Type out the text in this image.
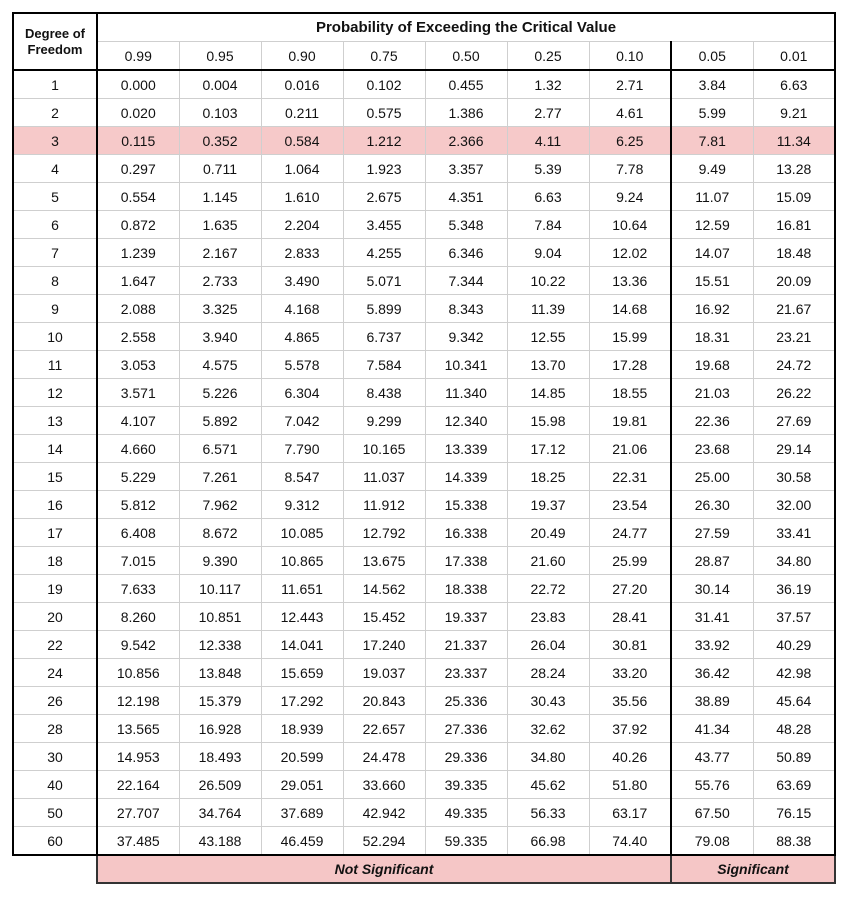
Degree of
Freedom	Probability of Exceeding the Critical Value								
	0.99	0.95	0.90	0.75	0.50	0.25	0.10	0.05	0.01
1	0.000	0.004	0.016	0.102	0.455	1.32	2.71	3.84	6.63
2	0.020	0.103	0.211	0.575	1.386	2.77	4.61	5.99	9.21
3	0.115	0.352	0.584	1.212	2.366	4.11	6.25	7.81	11.34
4	0.297	0.711	1.064	1.923	3.357	5.39	7.78	9.49	13.28
5	0.554	1.145	1.610	2.675	4.351	6.63	9.24	11.07	15.09
6	0.872	1.635	2.204	3.455	5.348	7.84	10.64	12.59	16.81
7	1.239	2.167	2.833	4.255	6.346	9.04	12.02	14.07	18.48
8	1.647	2.733	3.490	5.071	7.344	10.22	13.36	15.51	20.09
9	2.088	3.325	4.168	5.899	8.343	11.39	14.68	16.92	21.67
10	2.558	3.940	4.865	6.737	9.342	12.55	15.99	18.31	23.21
11	3.053	4.575	5.578	7.584	10.341	13.70	17.28	19.68	24.72
12	3.571	5.226	6.304	8.438	11.340	14.85	18.55	21.03	26.22
13	4.107	5.892	7.042	9.299	12.340	15.98	19.81	22.36	27.69
14	4.660	6.571	7.790	10.165	13.339	17.12	21.06	23.68	29.14
15	5.229	7.261	8.547	11.037	14.339	18.25	22.31	25.00	30.58
16	5.812	7.962	9.312	11.912	15.338	19.37	23.54	26.30	32.00
17	6.408	8.672	10.085	12.792	16.338	20.49	24.77	27.59	33.41
18	7.015	9.390	10.865	13.675	17.338	21.60	25.99	28.87	34.80
19	7.633	10.117	11.651	14.562	18.338	22.72	27.20	30.14	36.19
20	8.260	10.851	12.443	15.452	19.337	23.83	28.41	31.41	37.57
22	9.542	12.338	14.041	17.240	21.337	26.04	30.81	33.92	40.29
24	10.856	13.848	15.659	19.037	23.337	28.24	33.20	36.42	42.98
26	12.198	15.379	17.292	20.843	25.336	30.43	35.56	38.89	45.64
28	13.565	16.928	18.939	22.657	27.336	32.62	37.92	41.34	48.28
30	14.953	18.493	20.599	24.478	29.336	34.80	40.26	43.77	50.89
40	22.164	26.509	29.051	33.660	39.335	45.62	51.80	55.76	63.69
50	27.707	34.764	37.689	42.942	49.335	56.33	63.17	67.50	76.15
60	37.485	43.188	46.459	52.294	59.335	66.98	74.40	79.08	88.38
	Not Significant							Significant	
